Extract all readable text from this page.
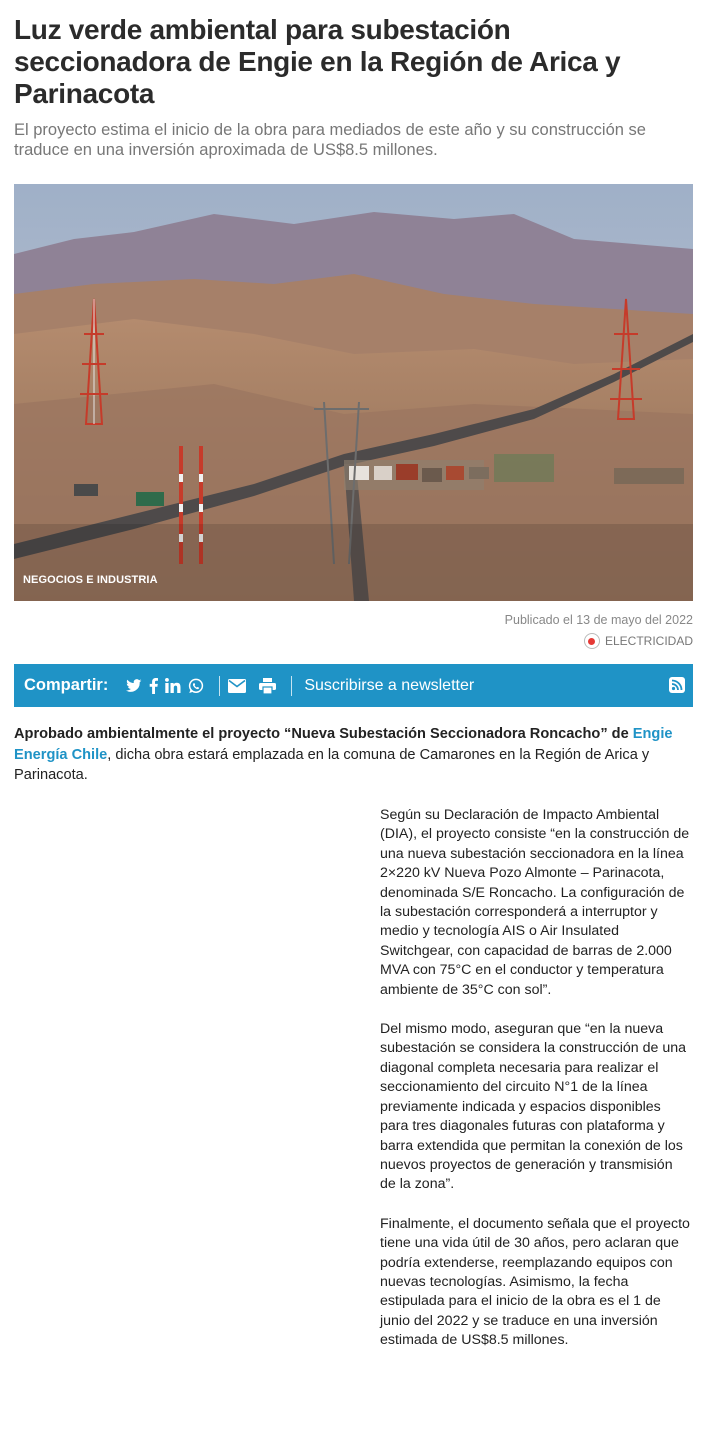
Luz verde ambiental para subestación seccionadora de Engie en la Región de Arica y Parinacota

El proyecto estima el inicio de la obra para mediados de este año y su construcción se traduce en una inversión aproximada de US$8.5 millones.

NEGOCIOS E INDUSTRIA
Publicado el 13 de mayo del 2022
ELECTRICIDAD
Compartir:	Suscribirse a newsletter

Aprobado ambientalmente el proyecto “Nueva Subestación Seccionadora Roncacho” de Engie Energía Chile, dicha obra estará emplazada en la comuna de Camarones en la Región de Arica y Parinacota.

Según su Declaración de Impacto Ambiental (DIA), el proyecto consiste “en la construcción de una nueva subestación seccionadora en la línea 2×220 kV Nueva Pozo Almonte – Parinacota, denominada S/E Roncacho. La configuración de la subestación corresponderá a interruptor y medio y tecnología AIS o Air Insulated Switchgear, con capacidad de barras de 2.000 MVA con 75°C en el conductor y temperatura ambiente de 35°C con sol”.

Del mismo modo, aseguran que “en la nueva subestación se considera la construcción de una diagonal completa necesaria para realizar el seccionamiento del circuito N°1 de la línea previamente indicada y espacios disponibles para tres diagonales futuras con plataforma y barra extendida que permitan la conexión de los nuevos proyectos de generación y transmisión de la zona”.

Finalmente, el documento señala que el proyecto tiene una vida útil de 30 años, pero aclaran que podría extenderse, reemplazando equipos con nuevas tecnologías. Asimismo, la fecha estipulada para el inicio de la obra es el 1 de junio del 2022 y se traduce en una inversión estimada de US$8.5 millones.
